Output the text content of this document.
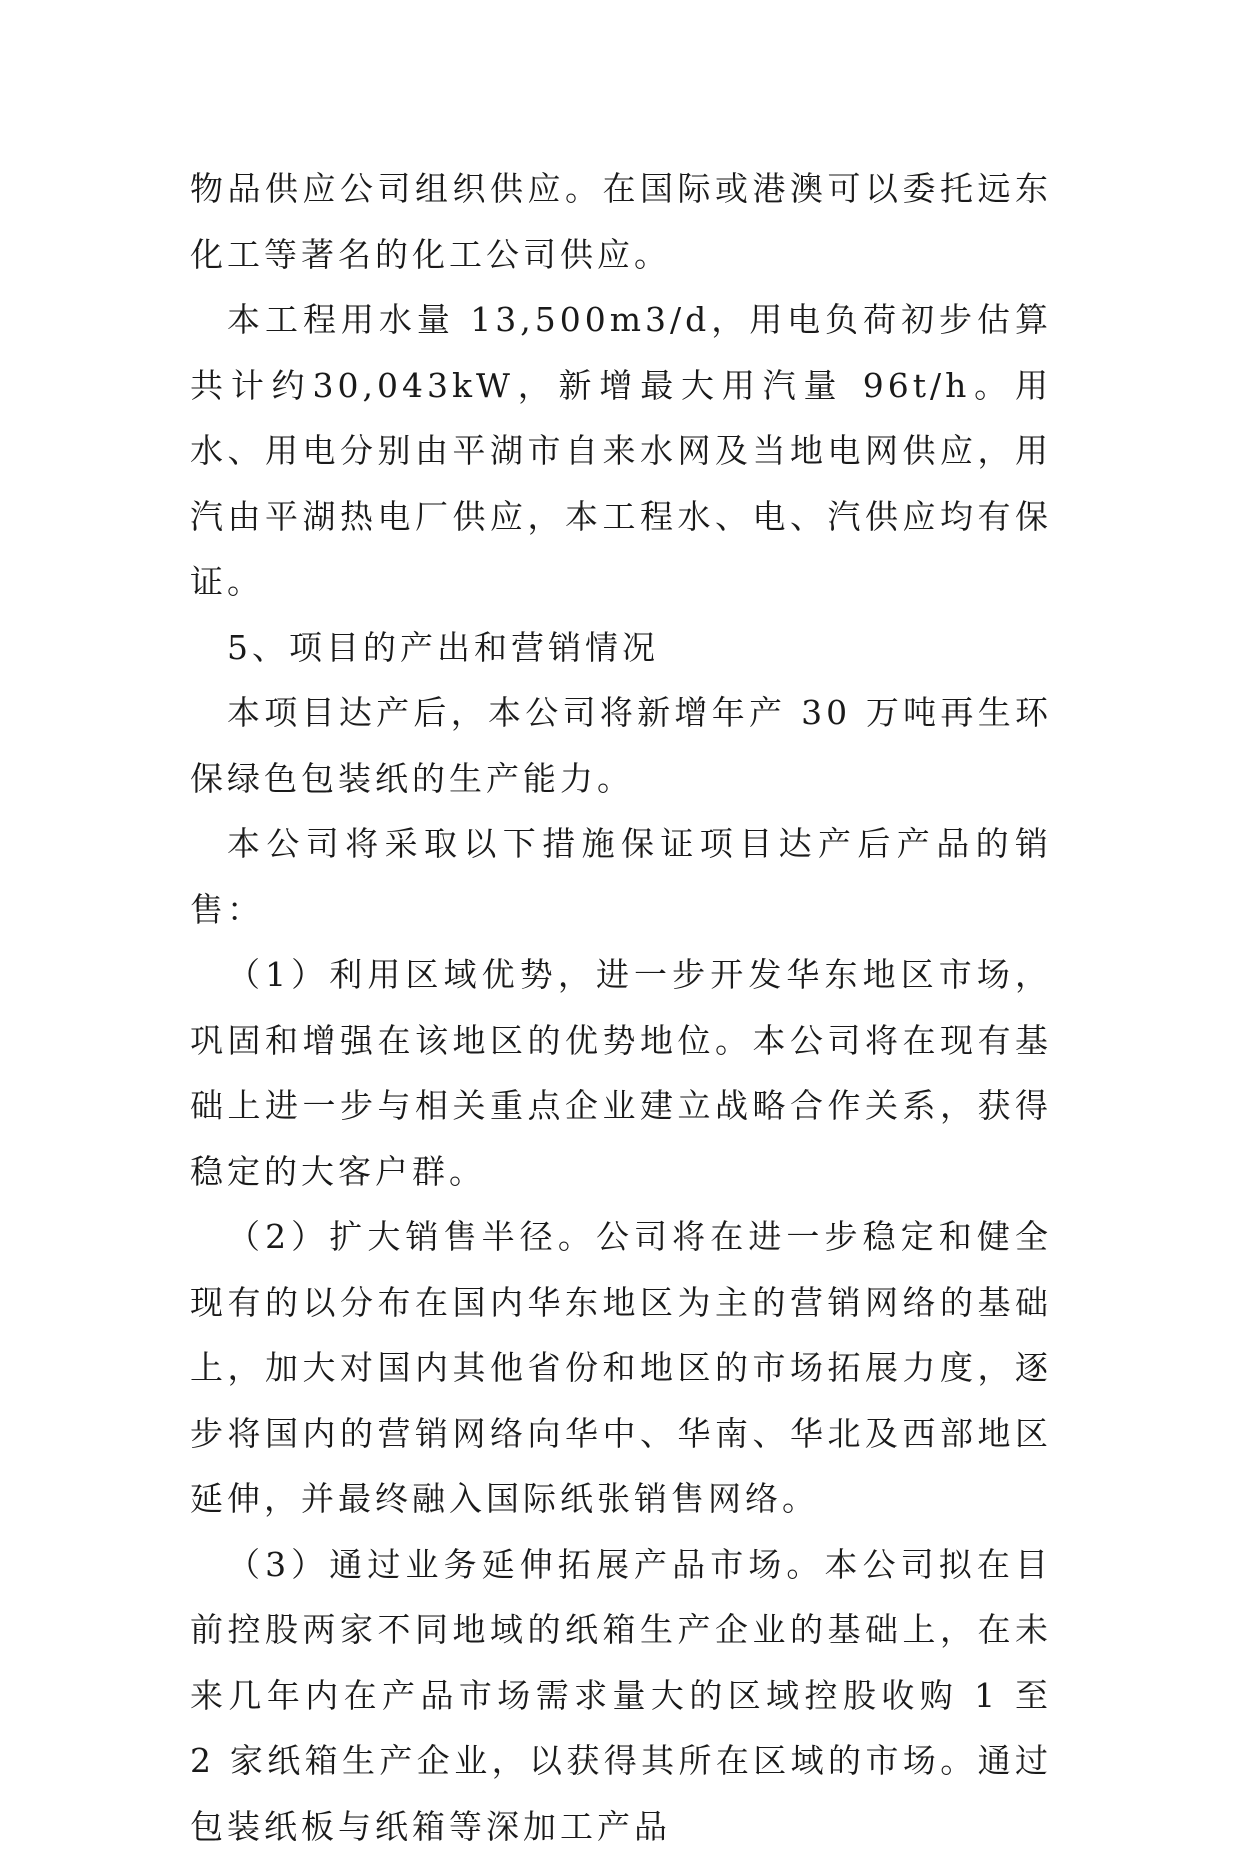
物品供应公司组织供应。在国际或港澳可以委托远东化工等著名的化工公司供应。

本工程用水量 13,500m3/d，用电负荷初步估算共计约30,043kW，新增最大用汽量 96t/h。用水、用电分别由平湖市自来水网及当地电网供应，用汽由平湖热电厂供应，本工程水、电、汽供应均有保证。

5、项目的产出和营销情况

本项目达产后，本公司将新增年产 30 万吨再生环保绿色包装纸的生产能力。

本公司将采取以下措施保证项目达产后产品的销售：

（1）利用区域优势，进一步开发华东地区市场，巩固和增强在该地区的优势地位。本公司将在现有基础上进一步与相关重点企业建立战略合作关系，获得稳定的大客户群。

（2）扩大销售半径。公司将在进一步稳定和健全现有的以分布在国内华东地区为主的营销网络的基础上，加大对国内其他省份和地区的市场拓展力度，逐步将国内的营销网络向华中、华南、华北及西部地区延伸，并最终融入国际纸张销售网络。

（3）通过业务延伸拓展产品市场。本公司拟在目前控股两家不同地域的纸箱生产企业的基础上，在未来几年内在产品市场需求量大的区域控股收购 1 至 2 家纸箱生产企业，以获得其所在区域的市场。通过包装纸板与纸箱等深加工产品
